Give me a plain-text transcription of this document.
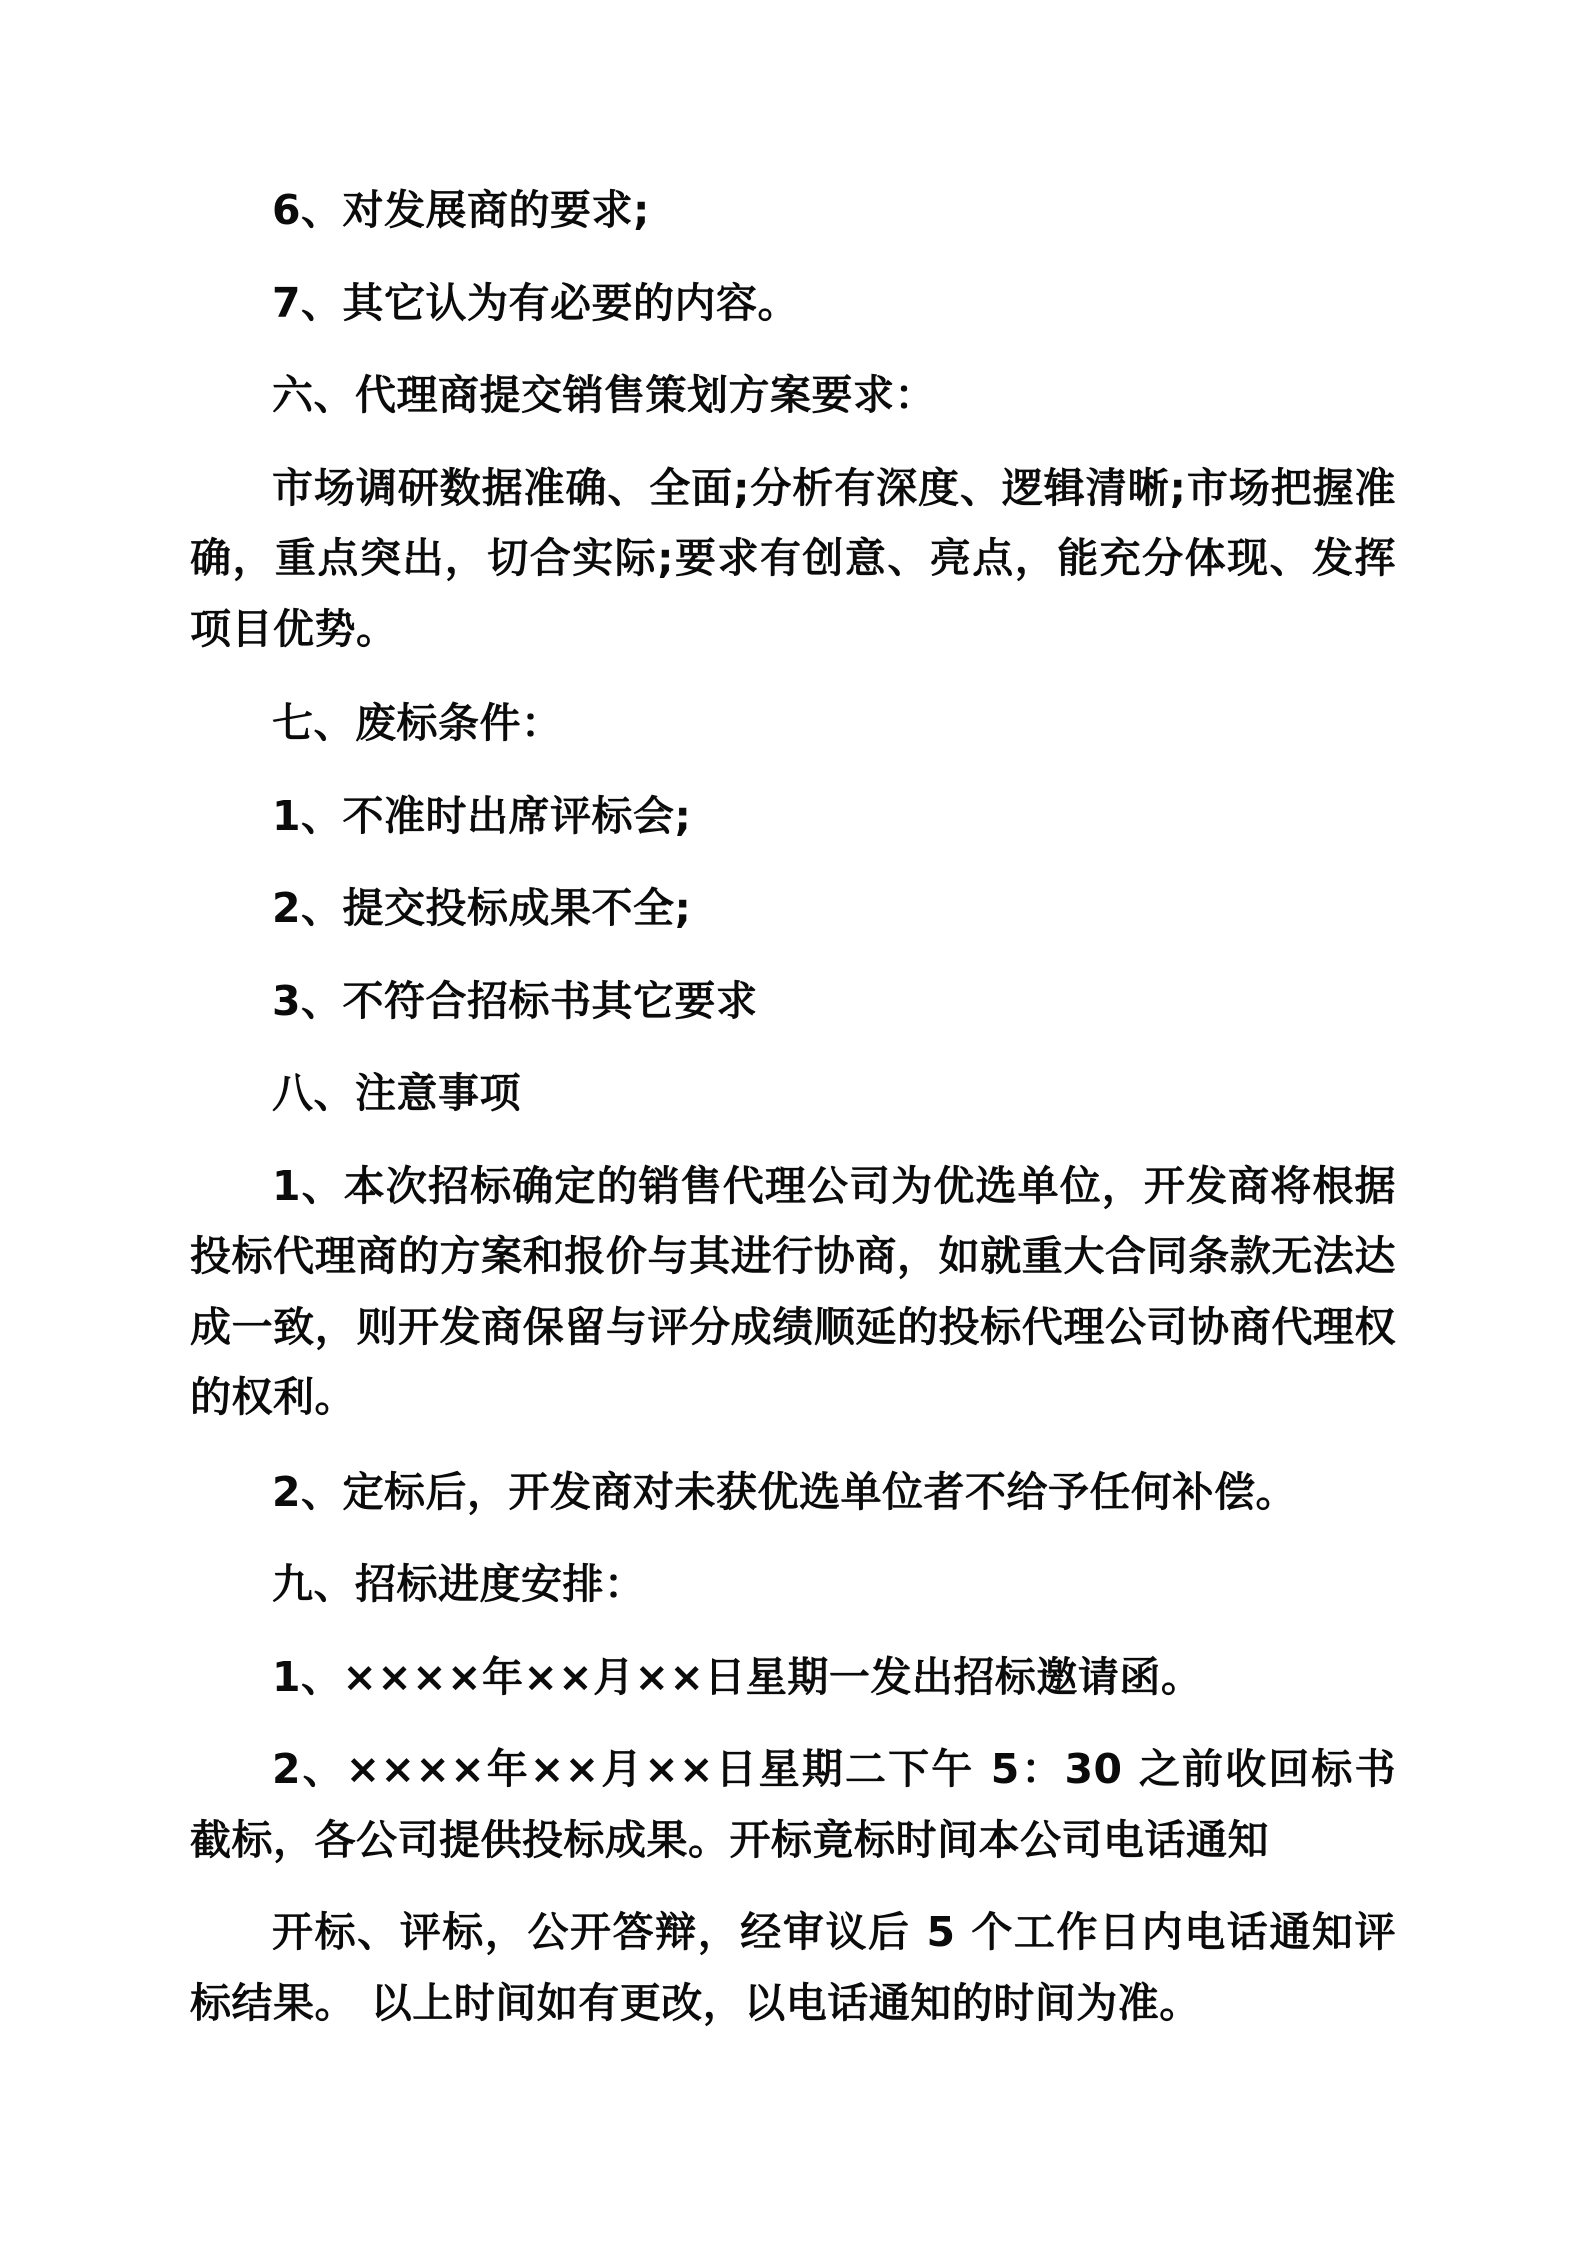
6、对发展商的要求;

7、其它认为有必要的内容。

六、代理商提交销售策划方案要求：

市场调研数据准确、全面;分析有深度、逻辑清晰;市场把握准确，重点突出，切合实际;要求有创意、亮点，能充分体现、发挥项目优势。

七、废标条件：

1、不准时出席评标会;

2、提交投标成果不全;

3、不符合招标书其它要求

八、注意事项

1、本次招标确定的销售代理公司为优选单位，开发商将根据投标代理商的方案和报价与其进行协商，如就重大合同条款无法达成一致，则开发商保留与评分成绩顺延的投标代理公司协商代理权的权利。

2、定标后，开发商对未获优选单位者不给予任何补偿。

九、招标进度安排：

1、××××年××月××日星期一发出招标邀请函。

2、××××年××月××日星期二下午 5：30 之前收回标书截标，各公司提供投标成果。开标竟标时间本公司电话通知

开标、评标，公开答辩，经审议后 5 个工作日内电话通知评标结果。 以上时间如有更改，以电话通知的时间为准。
